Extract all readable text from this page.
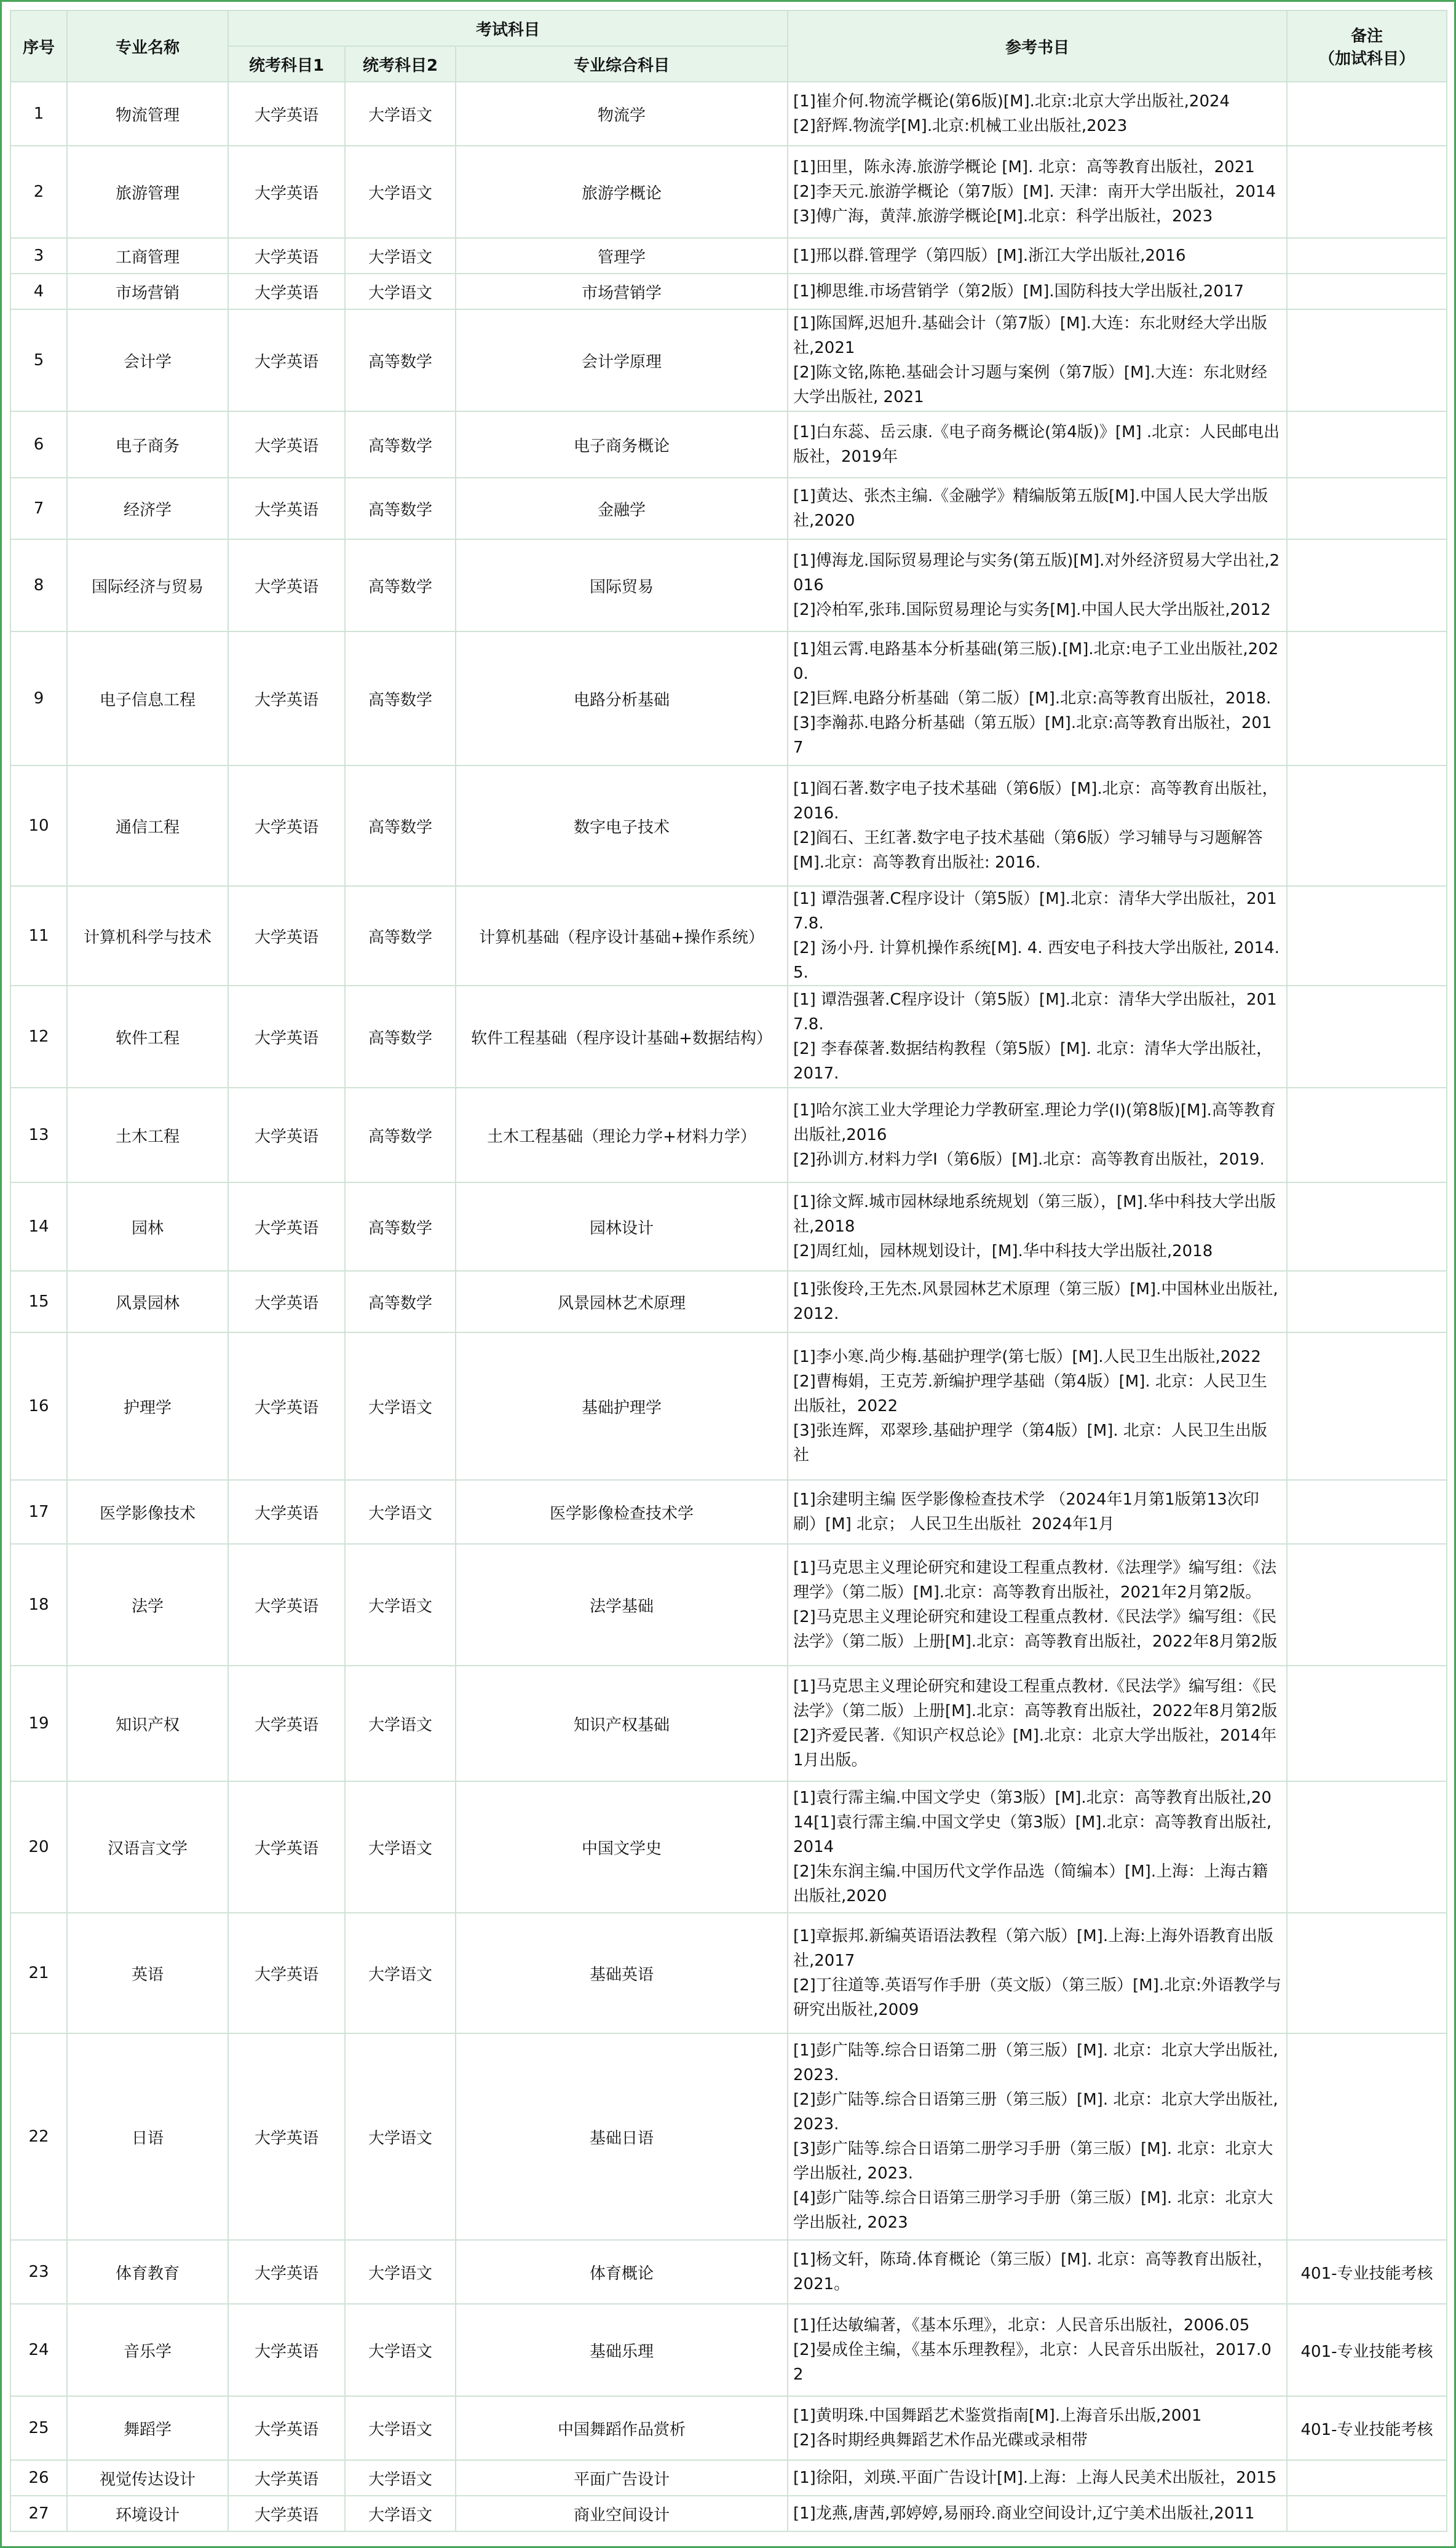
序号	专业名称	考试科目			参考书目	备注
（加试科目）

		统考科目1	统考科目2	专业综合科目		
1	物流管理	大学英语	大学语文	物流学	[1]崔介何.物流学概论(第6版)[M].北京:北京大学出版社,2024
[2]舒辉.物流学[M].北京:机械工业出版社,2023	
2	旅游管理	大学英语	大学语文	旅游学概论	[1]田里，陈永涛.旅游学概论 [M]. 北京：高等教育出版社，2021
[2]李天元.旅游学概论（第7版）[M]. 天津：南开大学出版社，2014
[3]傅广海，黄萍.旅游学概论[M].北京：科学出版社，2023	
3	工商管理	大学英语	大学语文	管理学	[1]邢以群.管理学（第四版）[M].浙江大学出版社,2016	
4	市场营销	大学英语	大学语文	市场营销学	[1]柳思维.市场营销学（第2版）[M].国防科技大学出版社,2017	
5	会计学	大学英语	高等数学	会计学原理	[1]陈国辉,迟旭升.基础会计（第7版）[M].大连：东北财经大学出版社,2021
[2]陈文铭,陈艳.基础会计习题与案例（第7版）[M].大连：东北财经大学出版社, 2021	
6	电子商务	大学英语	高等数学	电子商务概论	[1]白东蕊、岳云康.《电子商务概论(第4版)》[M] .北京：人民邮电出版社，2019年	
7	经济学	大学英语	高等数学	金融学	[1]黄达、张杰主编.《金融学》精编版第五版[M].中国人民大学出版社,2020	
8	国际经济与贸易	大学英语	高等数学	国际贸易	[1]傅海龙.国际贸易理论与实务(第五版)[M].对外经济贸易大学出社,2016
[2]冷柏军,张玮.国际贸易理论与实务[M].中国人民大学出版社,2012	
9	电子信息工程	大学英语	高等数学	电路分析基础	[1]俎云霄.电路基本分析基础(第三版).[M].北京:电子工业出版社,2020.
[2]巨辉.电路分析基础（第二版）[M].北京:高等教育出版社，2018.
[3]李瀚荪.电路分析基础（第五版）[M].北京:高等教育出版社，2017	
10	通信工程	大学英语	高等数学	数字电子技术	[1]阎石著.数字电子技术基础（第6版）[M].北京：高等教育出版社，2016.
[2]阎石、王红著.数字电子技术基础（第6版）学习辅导与习题解答[M].北京：高等教育出版社: 2016.	
11	计算机科学与技术	大学英语	高等数学	计算机基础（程序设计基础+操作系统）	[1] 谭浩强著.C程序设计（第5版）[M].北京：清华大学出版社，2017.8.
[2] 汤小丹. 计算机操作系统[M]. 4. 西安电子科技大学出版社, 2014.5.	
12	软件工程	大学英语	高等数学	软件工程基础（程序设计基础+数据结构）	[1] 谭浩强著.C程序设计（第5版）[M].北京：清华大学出版社，2017.8.
[2] 李春葆著.数据结构教程（第5版）[M]. 北京：清华大学出版社，2017.	
13	土木工程	大学英语	高等数学	土木工程基础（理论力学+材料力学）	[1]哈尔滨工业大学理论力学教研室.理论力学(I)(第8版)[M].高等教育出版社,2016
[2]孙训方.材料力学I（第6版）[M].北京：高等教育出版社，2019.	
14	园林	大学英语	高等数学	园林设计	[1]徐文辉.城市园林绿地系统规划（第三版），[M].华中科技大学出版社,2018
[2]周红灿，园林规划设计，[M].华中科技大学出版社,2018	
15	风景园林	大学英语	高等数学	风景园林艺术原理	[1]张俊玲,王先杰.风景园林艺术原理（第三版）[M].中国林业出版社,2012.	
16	护理学	大学英语	大学语文	基础护理学	[1]李小寒.尚少梅.基础护理学(第七版）[M].人民卫生出版社,2022
[2]曹梅娟，王克芳.新编护理学基础（第4版）[M]. 北京：人民卫生出版社，2022
[3]张连辉，邓翠珍.基础护理学（第4版）[M]. 北京：人民卫生出版社	
17	医学影像技术	大学英语	大学语文	医学影像检查技术学	[1]余建明主编 医学影像检查技术学 （2024年1月第1版第13次印刷）[M] 北京； 人民卫生出版社  2024年1月	
18	法学	大学英语	大学语文	法学基础	[1]马克思主义理论研究和建设工程重点教材.《法理学》编写组：《法理学》（第二版）[M].北京：高等教育出版社，2021年2月第2版。
[2]马克思主义理论研究和建设工程重点教材.《民法学》编写组：《民法学》（第二版）上册[M].北京：高等教育出版社，2022年8月第2版	
19	知识产权	大学英语	大学语文	知识产权基础	[1]马克思主义理论研究和建设工程重点教材.《民法学》编写组：《民法学》（第二版）上册[M].北京：高等教育出版社，2022年8月第2版
[2]齐爱民著.《知识产权总论》[M].北京：北京大学出版社，2014年1月出版。	
20	汉语言文学	大学英语	大学语文	中国文学史	[1]袁行霈主编.中国文学史（第3版）[M].北京：高等教育出版社,2014[1]袁行霈主编.中国文学史（第3版）[M].北京：高等教育出版社,2014
[2]朱东润主编.中国历代文学作品选（简编本）[M].上海：上海古籍出版社,2020	
21	英语	大学英语	大学语文	基础英语	[1]章振邦.新编英语语法教程（第六版）[M].上海:上海外语教育出版社,2017
[2]丁往道等.英语写作手册（英文版）（第三版）[M].北京:外语教学与研究出版社,2009	
22	日语	大学英语	大学语文	基础日语	[1]彭广陆等.综合日语第二册（第三版）[M]. 北京：北京大学出版社,2023.
[2]彭广陆等.综合日语第三册（第三版）[M]. 北京：北京大学出版社,2023.
[3]彭广陆等.综合日语第二册学习手册（第三版）[M]. 北京：北京大学出版社, 2023.
[4]彭广陆等.综合日语第三册学习手册（第三版）[M]. 北京：北京大学出版社, 2023	
23	体育教育	大学英语	大学语文	体育概论	[1]杨文轩，陈琦.体育概论（第三版）[M]. 北京：高等教育出版社，2021。	401-专业技能考核
24	音乐学	大学英语	大学语文	基础乐理	[1]任达敏编著，《基本乐理》，北京：人民音乐出版社，2006.05
[2]晏成佺主编，《基本乐理教程》，北京：人民音乐出版社，2017.02	401-专业技能考核
25	舞蹈学	大学英语	大学语文	中国舞蹈作品赏析	[1]黄明珠.中国舞蹈艺术鉴赏指南[M].上海音乐出版,2001
[2]各时期经典舞蹈艺术作品光碟或录相带	401-专业技能考核
26	视觉传达设计	大学英语	大学语文	平面广告设计	[1]徐阳，刘瑛.平面广告设计[M].上海：上海人民美术出版社，2015	
27	环境设计	大学英语	大学语文	商业空间设计	[1]龙燕,唐茜,郭婷婷,易丽玲.商业空间设计,辽宁美术出版社,2011	
